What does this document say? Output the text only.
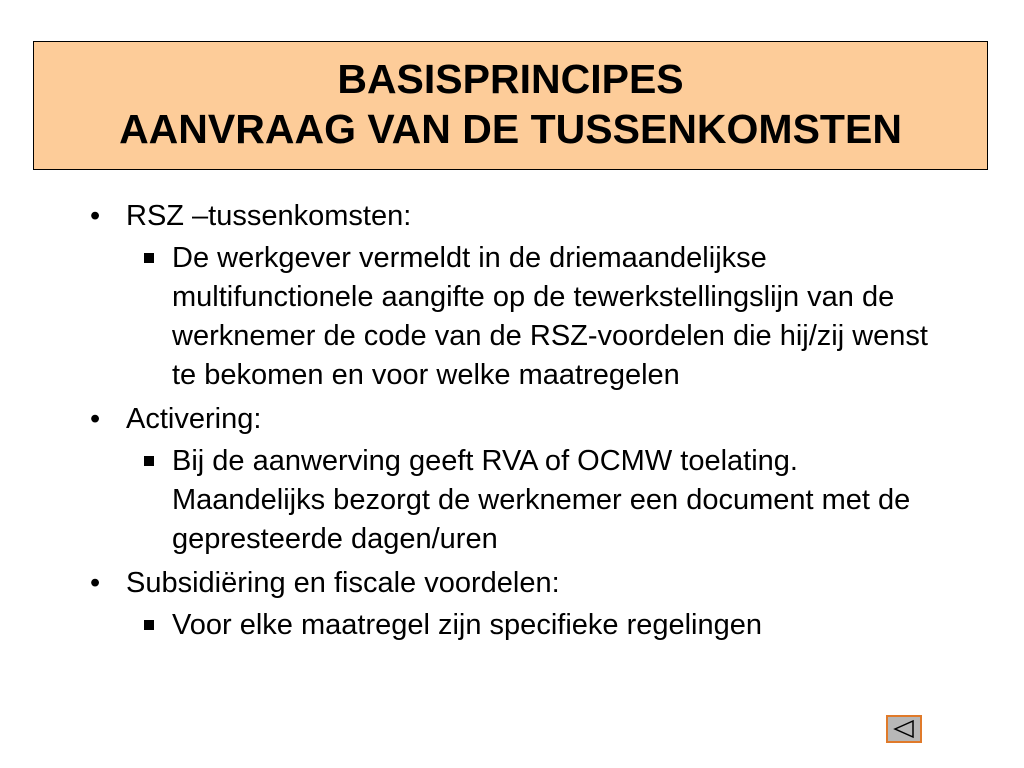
BASISPRINCIPES
AANVRAAG VAN DE TUSSENKOMSTEN
• RSZ –tussenkomsten:
De werkgever vermeldt in de driemaandelijkse multifunctionele aangifte op de tewerkstellingslijn van de werknemer de code van de RSZ-voordelen die hij/zij wenst te bekomen en voor welke maatregelen
• Activering:
Bij de aanwerving geeft RVA of OCMW toelating. Maandelijks bezorgt de werknemer een document met de gepresteerde dagen/uren
• Subsidiëring en fiscale voordelen:
Voor elke maatregel zijn specifieke regelingen
